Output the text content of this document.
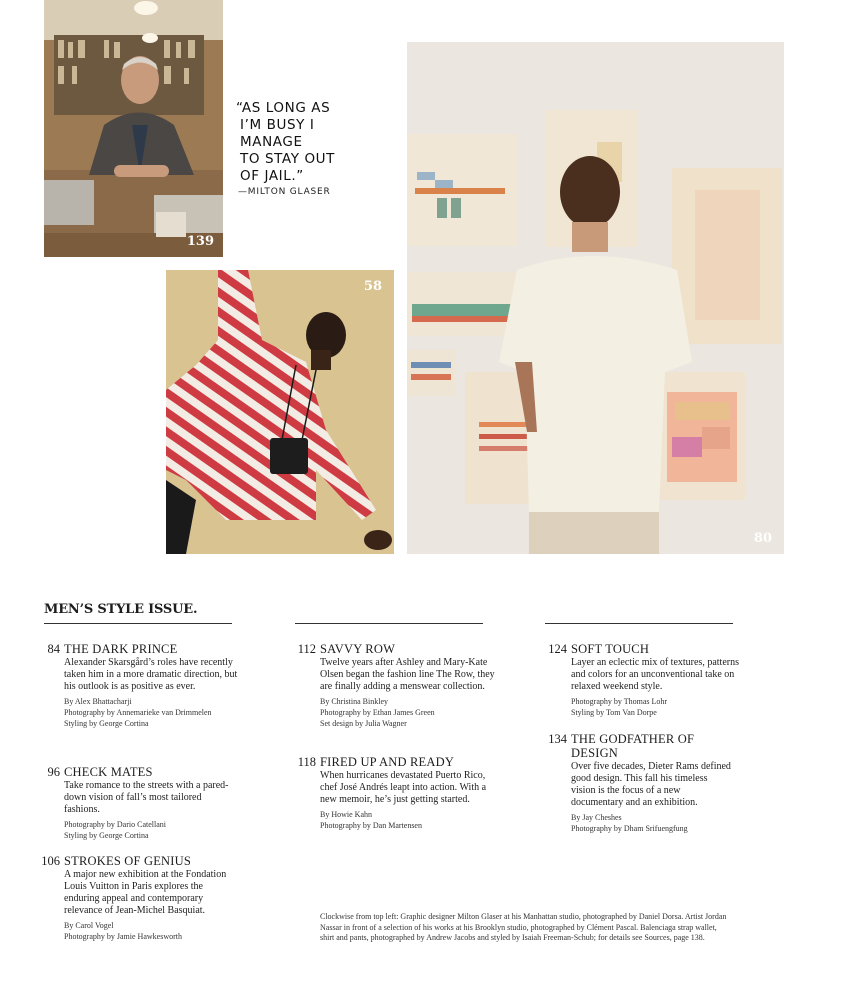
139
“AS LONG AS
I’M BUSY I
MANAGE
TO STAY OUT
OF JAIL.”
—MILTON GLASER
58
80
MEN’S STYLE ISSUE.
84 THE DARK PRINCE
Alexander Skarsgård’s roles have recently taken him in a more dramatic direction, but his outlook is as positive as ever.
By Alex Bhattacharji
Photography by Annemarieke van Drimmelen
Styling by George Cortina
96 CHECK MATES
Take romance to the streets with a pared-down vision of fall’s most tailored fashions.
Photography by Dario Catellani
Styling by George Cortina
106 STROKES OF GENIUS
A major new exhibition at the Fondation Louis Vuitton in Paris explores the enduring appeal and contemporary relevance of Jean-Michel Basquiat.
By Carol Vogel
Photography by Jamie Hawkesworth
112 SAVVY ROW
Twelve years after Ashley and Mary-Kate Olsen began the fashion line The Row, they are finally adding a menswear collection.
By Christina Binkley
Photography by Ethan James Green
Set design by Julia Wagner
118 FIRED UP AND READY
When hurricanes devastated Puerto Rico, chef José Andrés leapt into action. With a new memoir, he’s just getting started.
By Howie Kahn
Photography by Dan Martensen
124 SOFT TOUCH
Layer an eclectic mix of textures, patterns and colors for an unconventional take on relaxed weekend style.
Photography by Thomas Lohr
Styling by Tom Van Dorpe
134 THE GODFATHER OF DESIGN
Over five decades, Dieter Rams defined good design. This fall his timeless vision is the focus of a new documentary and an exhibition.
By Jay Cheshes
Photography by Dham Srifuengfung
Clockwise from top left: Graphic designer Milton Glaser at his Manhattan studio, photographed by Daniel Dorsa. Artist Jordan Nassar in front of a selection of his works at his Brooklyn studio, photographed by Clément Pascal. Balenciaga strap wallet, shirt and pants, photographed by Andrew Jacobs and styled by Isaiah Freeman-Schub; for details see Sources, page 138.
